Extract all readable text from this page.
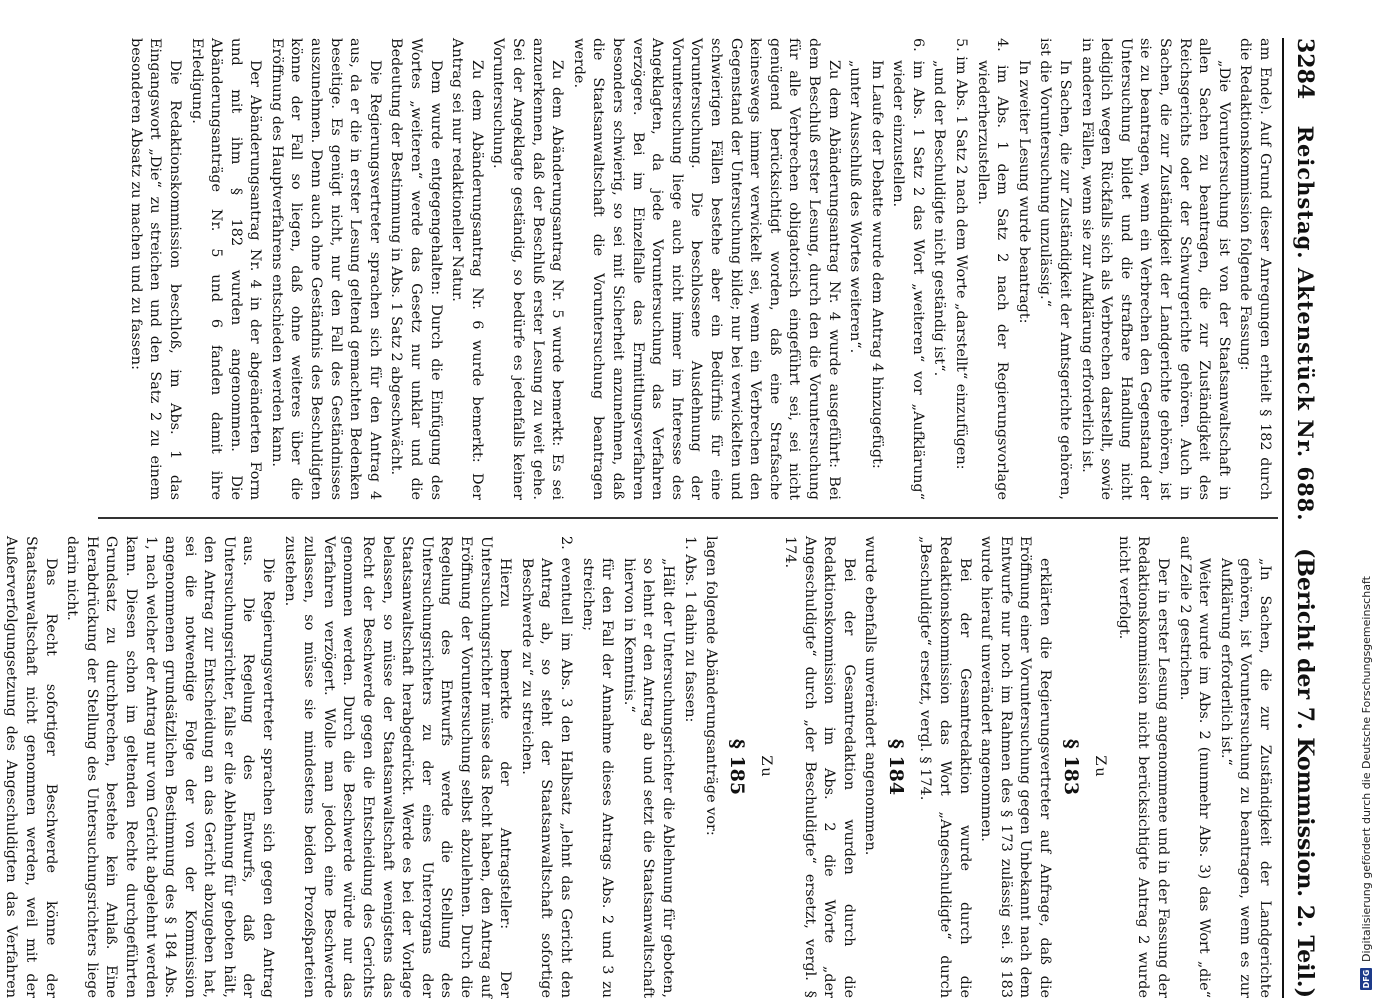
3284
Reichstag. Aktenstück Nr. 688.
(Bericht der 7. Kommission. 2. Teil.)

am Ende). Auf Grund dieser Anregungen erhielt § 182 durch die Redaktionskommission folgende Fassung:

„Die Voruntersuchung ist von der Staatsanwaltschaft in allen Sachen zu beantragen, die zur Zuständigkeit des Reichsgerichts oder der Schwurgerichte gehören. Auch in Sachen, die zur Zuständigkeit der Landgerichte gehören, ist sie zu beantragen, wenn ein Verbrechen den Gegenstand der Untersuchung bildet und die strafbare Handlung nicht lediglich wegen Rückfalls sich als Verbrechen darstellt, sowie in anderen Fällen, wenn sie zur Aufklärung erforderlich ist.

In Sachen, die zur Zuständigkeit der Amtsgerichte gehören, ist die Voruntersuchung unzulässig.“

In zweiter Lesung wurde beantragt:

4. im Abs. 1 dem Satz 2 nach der Regierungsvorlage wiederherzustellen.

5. im Abs. 1 Satz 2 nach dem Worte „darstellt“ einzufügen:

„und der Beschuldigte nicht geständig ist“.

6. im Abs. 1 Satz 2 das Wort „weiteren“ vor „Aufklärung“ wieder einzustellen.

Im Laufe der Debatte wurde dem Antrag 4 hinzugefügt:

„unter Ausschluß des Wortes weiteren“.

Zu dem Abänderungsantrag Nr. 4 wurde ausgeführt: Bei dem Beschluß erster Lesung, durch den die Voruntersuchung für alle Verbrechen obligatorisch eingeführt sei, sei nicht genügend berücksichtigt worden, daß eine Strafsache keineswegs immer verwickelt sei, wenn ein Verbrechen den Gegenstand der Untersuchung bilde; nur bei verwickelten und schwierigen Fällen bestehe aber ein Bedürfnis für eine Voruntersuchung. Die beschlossene Ausdehnung der Voruntersuchung liege auch nicht immer im Interesse des Angeklagten, da jede Voruntersuchung das Verfahren verzögere. Bei im Einzelfalle das Ermittlungsverfahren besonders schwierig, so sei mit Sicherheit anzunehmen, daß die Staatsanwaltschaft die Voruntersuchung beantragen werde.

Zu dem Abänderungsantrag Nr. 5 wurde bemerkt: Es sei anzuerkennen, daß der Beschluß erster Lesung zu weit gehe. Sei der Angeklagte geständig, so bedürfe es jedenfalls keiner Voruntersuchung.

Zu dem Abänderungsantrag Nr. 6 wurde bemerkt: Der Antrag sei nur redaktioneller Natur.

Dem wurde entgegengehalten: Durch die Einfügung des Wortes „weiteren“ werde das Gesetz nur unklar und die Bedeutung der Bestimmung in Abs. 1 Satz 2 abgeschwächt.

Die Regierungsvertreter sprachen sich für den Antrag 4 aus, da er die in erster Lesung geltend gemachten Bedenken beseitige. Es genügt nicht, nur den Fall des Geständnisses auszunehmen. Denn auch ohne Geständnis des Beschuldigten könne der Fall so liegen, daß ohne weiteres über die Eröffnung des Hauptverfahrens entschieden werden kann.

Der Abänderungsantrag Nr. 4 in der abgeänderten Form und mit ihm § 182 wurden angenommen. Die Abänderungsanträge Nr. 5 und 6 fanden damit ihre Erledigung.

Die Redaktionskommission beschloß, im Abs. 1 das Eingangswort „Die“ zu streichen und den Satz 2 zu einem besonderen Absatz zu machen und zu fassen:

„In Sachen, die zur Zuständigkeit der Landgerichte gehören, ist Voruntersuchung zu beantragen, wenn es zur Aufklärung erforderlich ist.“

Weiter wurde im Abs. 2 (nunmehr Abs. 3) das Wort „die“ auf Zeile 2 gestrichen.

Der in erster Lesung angenommene und in der Fassung der Redaktionskommission nicht berücksichtigte Antrag 2 wurde nicht verfolgt.

Zu
§ 183

erklärten die Regierungsvertreter auf Anfrage, daß die Eröffnung einer Voruntersuchung gegen Unbekannt nach dem Entwurfe nur noch im Rahmen des § 173 zulässig sei. § 183 wurde hierauf unverändert angenommen.

Bei der Gesamtredaktion wurde durch die Redaktionskommission das Wort „Angeschuldigte“ durch „Beschuldigte“ ersetzt, vergl. § 174.

§ 184

wurde ebenfalls unverändert angenommen.

Bei der Gesamtredaktion wurden durch die Redaktionskommission im Abs. 2 die Worte „der Angeschuldigte“ durch „der Beschuldigte“ ersetzt, vergl. § 174.

Zu
§ 185

lagen folgende Abänderungsanträge vor:

1. Abs. 1 dahin zu fassen:

„Hält der Untersuchungsrichter die Ablehnung für geboten, so lehnt er den Antrag ab und setzt die Staatsanwaltschaft hiervon in Kenntnis.“

für den Fall der Annahme dieses Antrags Abs. 2 und 3 zu streichen;

2. eventuell im Abs. 3 den Halbsatz „lehnt das Gericht den Antrag ab, so steht der Staatsanwaltschaft sofortige Beschwerde zu“ zu streichen.

Hierzu bemerkte der Antragsteller: Der Untersuchungsrichter müsse das Recht haben, den Antrag auf Eröffnung der Voruntersuchung selbst abzulehnen. Durch die Regelung des Entwurfs werde die Stellung des Untersuchungsrichters zu der eines Unterorgans der Staatsanwaltschaft herabgedrückt. Werde es bei der Vorlage belassen, so müsse der Staatsanwaltschaft wenigstens das Recht der Beschwerde gegen die Entscheidung des Gerichts genommen werden. Durch die Beschwerde würde nur das Verfahren verzögert. Wolle man jedoch eine Beschwerde zulassen, so müsse sie mindestens beiden Prozeßparteien zustehen.

Die Regierungsvertreter sprachen sich gegen den Antrag aus. Die Regelung des Entwurfs, daß der Untersuchungsrichter, falls er die Ablehnung für geboten hält, den Antrag zur Entscheidung an das Gericht abzugeben hat, sei die notwendige Folge der von der Kommission angenommenen grundsätzlichen Bestimmung des § 184 Abs. 1, nach welcher der Antrag nur vom Gericht abgelehnt werden kann. Diesen schon im geltenden Rechte durchgeführten Grundsatz zu durchbrechen, bestehe kein Anlaß. Eine Herabdrückung der Stellung des Untersuchungsrichters liege darin nicht.

Das Recht sofortiger Beschwerde könne der Staatsanwaltschaft nicht genommen werden, weil mit der Außerverfolgungsetzung des Angeschuldigten das Verfahren	DFG
Digitalisierung gefördert durch die Deutsche Forschungsgemeinschaft
